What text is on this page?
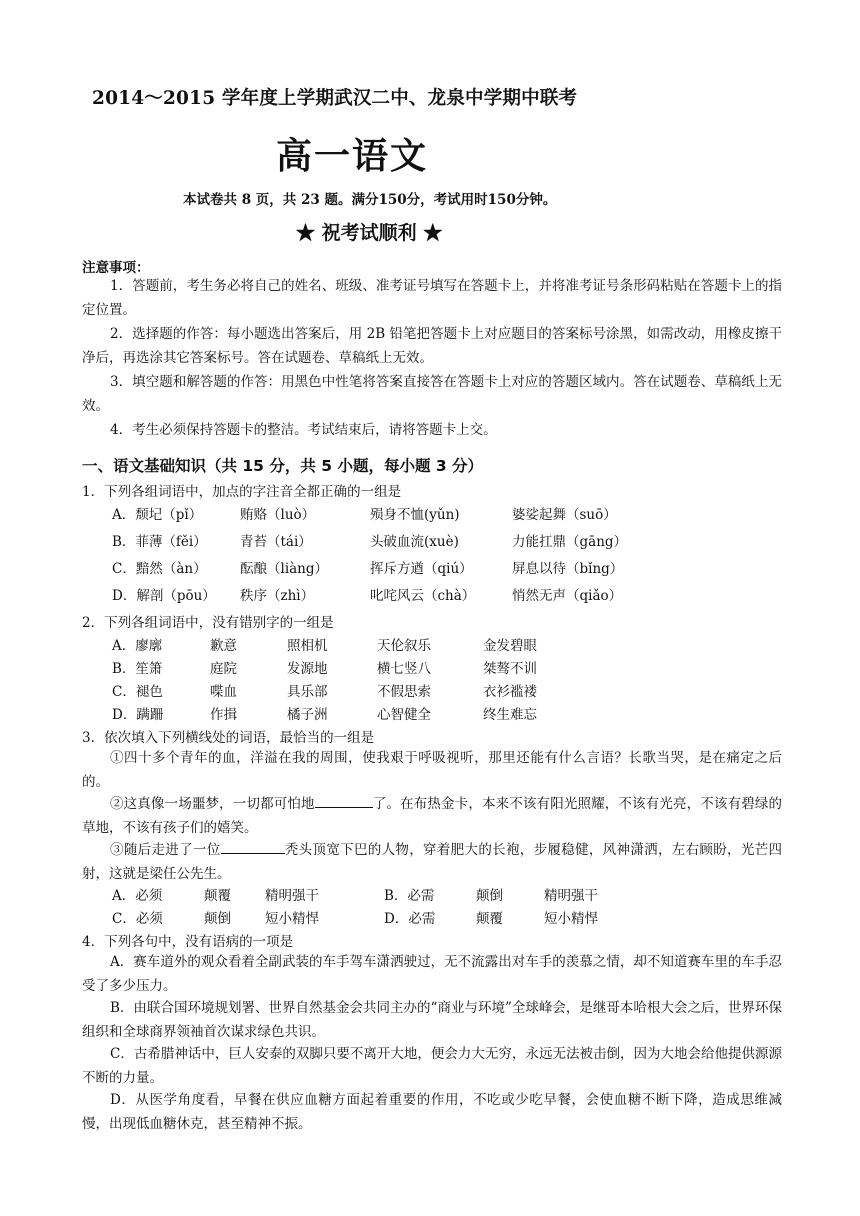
2014～2015 学年度上学期武汉二中、龙泉中学期中联考
高一语文
本试卷共 8 页，共 23 题。满分150分，考试用时150分钟。
★ 祝考试顺利 ★
注意事项：
1．答题前，考生务必将自己的姓名、班级、准考证号填写在答题卡上，并将准考证号条形码粘贴在答题卡上的指定位置。
2．选择题的作答：每小题选出答案后，用 2B 铅笔把答题卡上对应题目的答案标号涂黑，如需改动，用橡皮擦干净后，再选涂其它答案标号。答在试题卷、草稿纸上无效。
3．填空题和解答题的作答：用黑色中性笔将答案直接答在答题卡上对应的答题区域内。答在试题卷、草稿纸上无效。
4．考生必须保持答题卡的整洁。考试结束后，请将答题卡上交。
一、语文基础知识（共 15 分，共 5 小题，每小题 3 分）
1．下列各组词语中，加点的字注音全都正确的一组是
A．颓圮（pǐ）	贿赂（luò）	殒身不恤(yǔn)	婆娑起舞（suō）
B．菲薄（fěi） 青苔（tái）	头破血流(xuè)	力能扛鼎（gāng）
C．黯然（àn） 酝酿（liàng）	挥斥方遒（qiú）	屏息以待（bǐng）
D．解剖（pōu） 秩序（zhì）	叱咤风云（chà）	悄然无声（qiǎo）
2．下列各组词语中，没有错别字的一组是
A．廖廓	歉意	照相机	天伦叙乐	金发碧眼
B．笙箫	庭院	发源地	横七竖八	桀骜不训
C．褪色	喋血	具乐部	不假思索	衣衫褴褛
D．蹒跚	作揖	橘子洲	心智健全	终生难忘
3．依次填入下列横线处的词语，最恰当的一组是
①四十多个青年的血，洋溢在我的周围，使我艰于呼吸视听，那里还能有什么言语？长歌当哭，是在痛定之后的。
②这真像一场噩梦，一切都可怕地	了。在布热金卡，本来不该有阳光照耀，不该有光亮，不该有碧绿的草地，不该有孩子们的嬉笑。
③随后走进了一位	秃头顶宽下巴的人物，穿着肥大的长袍，步履稳健，风神潇洒，左右顾盼，光芒四射，这就是梁任公先生。
A．必须	颠覆	精明强干	B．必需	颠倒	精明强干
C．必须	颠倒	短小精悍	D．必需	颠覆	短小精悍
4．下列各句中，没有语病的一项是
A．赛车道外的观众看着全副武装的车手驾车潇洒驶过，无不流露出对车手的羡慕之情，却不知道赛车里的车手忍受了多少压力。
B．由联合国环境规划署、世界自然基金会共同主办的“商业与环境”全球峰会，是继哥本哈根大会之后，世界环保组织和全球商界领袖首次谋求绿色共识。
C．古希腊神话中，巨人安泰的双脚只要不离开大地，便会力大无穷，永远无法被击倒，因为大地会给他提供源源不断的力量。
D．从医学角度看，早餐在供应血糖方面起着重要的作用，不吃或少吃早餐，会使血糖不断下降，造成思维减慢，出现低血糖休克，甚至精神不振。
